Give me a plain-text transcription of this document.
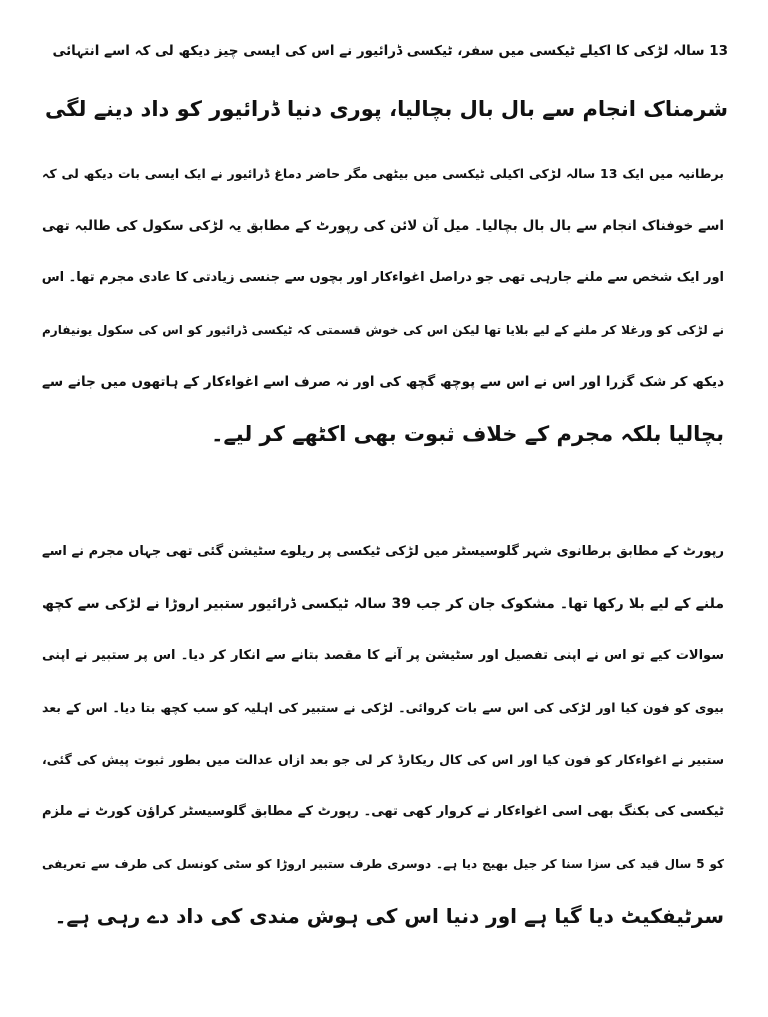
13 سالہ لڑکی کا اکیلے ٹیکسی میں سفر، ٹیکسی ڈرائیور نے اس کی ایسی چیز دیکھ لی کہ اسے انتہائی
شرمناک انجام سے بال بال بچالیا، پوری دنیا ڈرائیور کو داد دینے لگی
برطانیہ میں ایک 13 سالہ لڑکی اکیلی ٹیکسی میں بیٹھی مگر حاضر دماغ ڈرائیور نے ایک ایسی بات دیکھ لی کہ
اسے خوفناک انجام سے بال بال بچالیا۔ میل آن لائن کی رپورٹ کے مطابق یہ لڑکی سکول کی طالبہ تھی
اور ایک شخص سے ملنے جارہی تھی جو دراصل اغواءکار اور بچوں سے جنسی زیادتی کا عادی مجرم تھا۔ اس
نے لڑکی کو ورغلا کر ملنے کے لیے بلایا تھا لیکن اس کی خوش قسمتی کہ ٹیکسی ڈرائیور کو اس کی سکول یونیفارم
دیکھ کر شک گزرا اور اس نے اس سے پوچھ گچھ کی اور نہ صرف اسے اغواءکار کے ہاتھوں میں جانے سے
بچالیا بلکہ مجرم کے خلاف ثبوت بھی اکٹھے کر لیے۔
رپورٹ کے مطابق برطانوی شہر گلوسیسٹر میں لڑکی ٹیکسی پر ریلوے سٹیشن گئی تھی جہاں مجرم نے اسے
ملنے کے لیے بلا رکھا تھا۔ مشکوک جان کر جب 39 سالہ ٹیکسی ڈرائیور ستبیر اروڑا نے لڑکی سے کچھ
سوالات کیے تو اس نے اپنی تفصیل اور سٹیشن پر آنے کا مقصد بتانے سے انکار کر دیا۔ اس پر ستبیر نے اپنی
بیوی کو فون کیا اور لڑکی کی اس سے بات کروائی۔ لڑکی نے ستبیر کی اہلیہ کو سب کچھ بتا دیا۔ اس کے بعد
ستبیر نے اغواءکار کو فون کیا اور اس کی کال ریکارڈ کر لی جو بعد ازاں عدالت میں بطور ثبوت پیش کی گئی،
ٹیکسی کی بکنگ بھی اسی اغواءکار نے کروار کھی تھی۔ رپورٹ کے مطابق گلوسیسٹر کراﺅن کورٹ نے ملزم
کو 5 سال قید کی سزا سنا کر جیل بھیج دیا ہے۔ دوسری طرف ستبیر اروڑا کو سٹی کونسل کی طرف سے تعریفی
سرٹیفکیٹ دیا گیا ہے اور دنیا اس کی ہوش مندی کی داد دے رہی ہے۔
